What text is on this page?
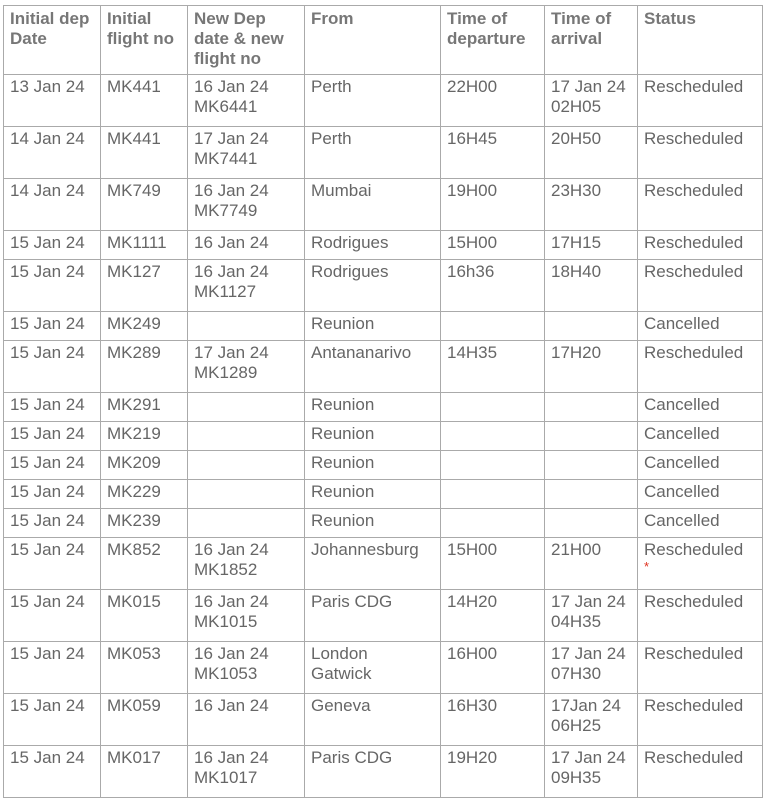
Initial dep
Date	Initial
flight no	New Dep
date & new
flight no	From	Time of
departure	Time of
arrival	Status

13 Jan 24	MK441	16 Jan 24
MK6441	Perth	22H00	17 Jan 24
02H05	Rescheduled

14 Jan 24	MK441	17 Jan 24
MK7441	Perth	16H45	20H50	Rescheduled

14 Jan 24	MK749	16 Jan 24
MK7749	Mumbai	19H00	23H30	Rescheduled

15 Jan 24	MK1111	16 Jan 24	Rodrigues	15H00	17H15	Rescheduled

15 Jan 24	MK127	16 Jan 24
MK1127	Rodrigues	16h36	18H40	Rescheduled

15 Jan 24	MK249		Reunion			Cancelled

15 Jan 24	MK289	17 Jan 24
MK1289	Antananarivo	14H35	17H20	Rescheduled

15 Jan 24	MK291		Reunion			Cancelled

15 Jan 24	MK219		Reunion			Cancelled

15 Jan 24	MK209		Reunion			Cancelled

15 Jan 24	MK229		Reunion			Cancelled

15 Jan 24	MK239		Reunion			Cancelled

15 Jan 24	MK852	16 Jan 24
MK1852	Johannesburg	15H00	21H00	Rescheduled
*

15 Jan 24	MK015	16 Jan 24
MK1015	Paris CDG	14H20	17 Jan 24
04H35	Rescheduled

15 Jan 24	MK053	16 Jan 24
MK1053	London
Gatwick	16H00	17 Jan 24
07H30	Rescheduled

15 Jan 24	MK059	16 Jan 24	Geneva	16H30	17Jan 24
06H25	Rescheduled

15 Jan 24	MK017	16 Jan 24
MK1017	Paris CDG	19H20	17 Jan 24
09H35	Rescheduled
